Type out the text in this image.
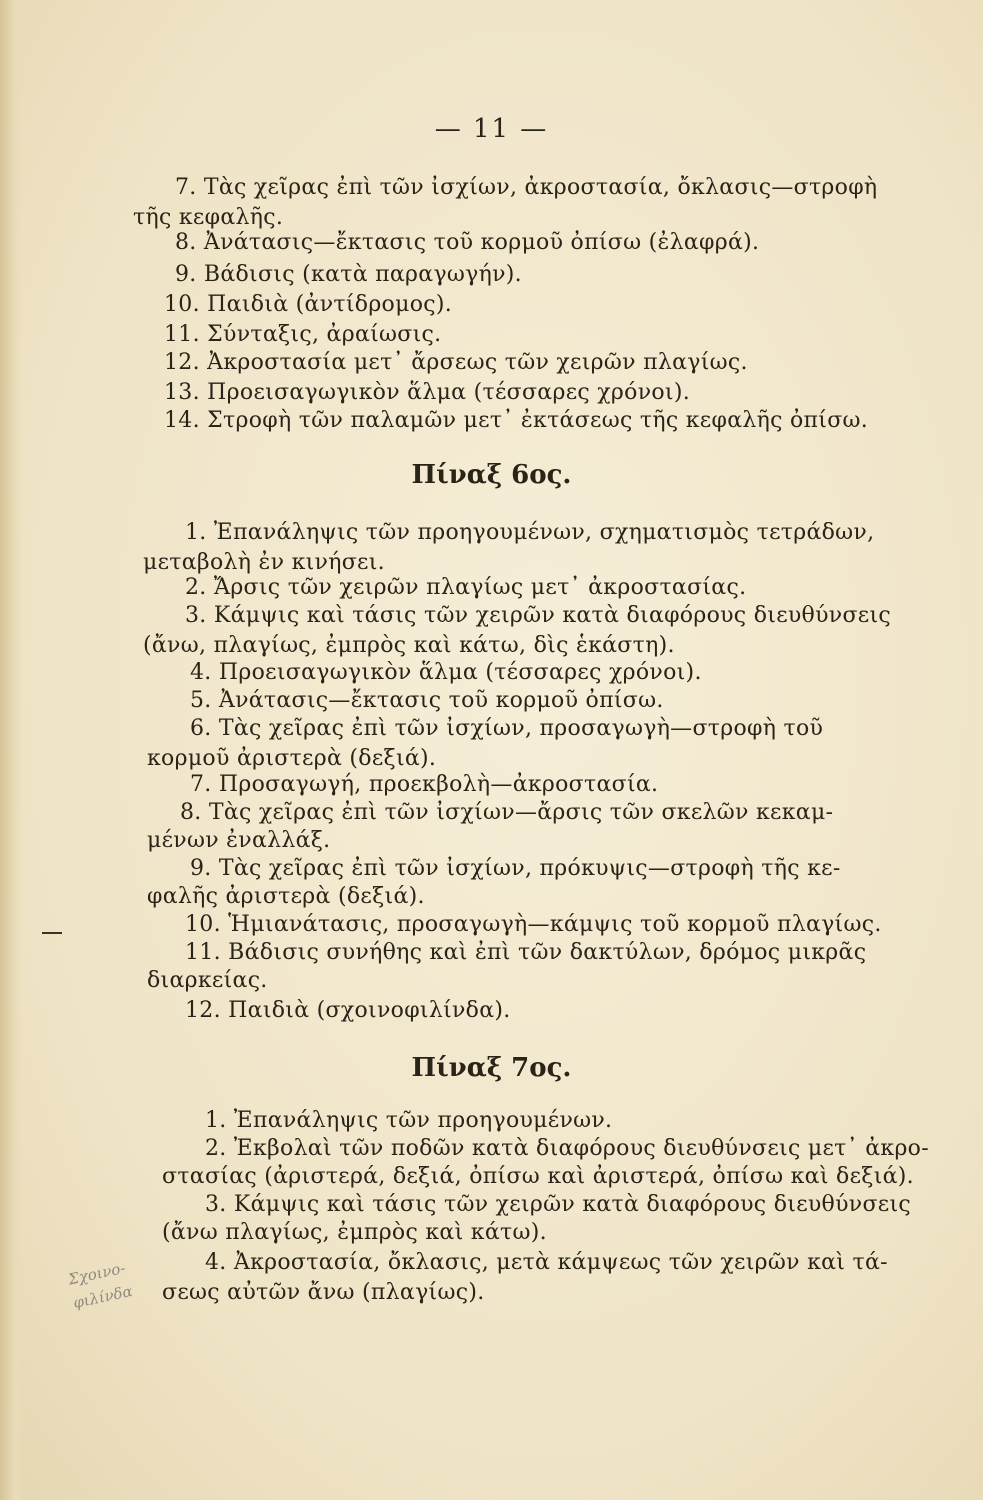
— 11 —
7. Τὰς χεῖρας ἐπὶ τῶν ἰσχίων, ἀκροστασία, ὄκλασις—στροφὴ
τῆς κεφαλῆς.
8. Ἀνάτασις—ἔκτασις τοῦ κορμοῦ ὀπίσω (ἐλαφρά).
9. Βάδισις (κατὰ παραγωγήν).
10. Παιδιὰ (ἀντίδρομος).
11. Σύνταξις, ἀραίωσις.
12. Ἀκροστασία μετ᾽ ἄρσεως τῶν χειρῶν πλαγίως.
13. Προεισαγωγικὸν ἅλμα (τέσσαρες χρόνοι).
14. Στροφὴ τῶν παλαμῶν μετ᾽ ἐκτάσεως τῆς κεφαλῆς ὀπίσω.
Πίναξ 6ος.
1. Ἐπανάληψις τῶν προηγουμένων, σχηματισμὸς τετράδων,
μεταβολὴ ἐν κινήσει.
2. Ἄρσις τῶν χειρῶν πλαγίως μετ᾽ ἀκροστασίας.
3. Κάμψις καὶ τάσις τῶν χειρῶν κατὰ διαφόρους διευθύνσεις
(ἄνω, πλαγίως, ἐμπρὸς καὶ κάτω, δὶς ἑκάστη).
4. Προεισαγωγικὸν ἅλμα (τέσσαρες χρόνοι).
5. Ἀνάτασις—ἔκτασις τοῦ κορμοῦ ὀπίσω.
6. Τὰς χεῖρας ἐπὶ τῶν ἰσχίων, προσαγωγὴ—στροφὴ τοῦ
κορμοῦ ἀριστερὰ (δεξιά).
7. Προσαγωγή, προεκβολὴ—ἀκροστασία.
8. Τὰς χεῖρας ἐπὶ τῶν ἰσχίων—ἄρσις τῶν σκελῶν κεκαμ-
μένων ἐναλλάξ.
9. Τὰς χεῖρας ἐπὶ τῶν ἰσχίων, πρόκυψις—στροφὴ τῆς κε-
φαλῆς ἀριστερὰ (δεξιά).
10. Ἡμιανάτασις, προσαγωγὴ—κάμψις τοῦ κορμοῦ πλαγίως.
11. Βάδισις συνήθης καὶ ἐπὶ τῶν δακτύλων, δρόμος μικρᾶς
διαρκείας.
12. Παιδιὰ (σχοινοφιλίνδα).
Πίναξ 7ος.
1. Ἐπανάληψις τῶν προηγουμένων.
2. Ἐκβολαὶ τῶν ποδῶν κατὰ διαφόρους διευθύνσεις μετ᾽ ἀκρο-
στασίας (ἀριστερά, δεξιά, ὀπίσω καὶ ἀριστερά, ὀπίσω καὶ δεξιά).
3. Κάμψις καὶ τάσις τῶν χειρῶν κατὰ διαφόρους διευθύνσεις
(ἄνω πλαγίως, ἐμπρὸς καὶ κάτω).
4. Ἀκροστασία, ὄκλασις, μετὰ κάμψεως τῶν χειρῶν καὶ τά-
σεως αὐτῶν ἄνω (πλαγίως).
Σχοινο-φιλίνδα
